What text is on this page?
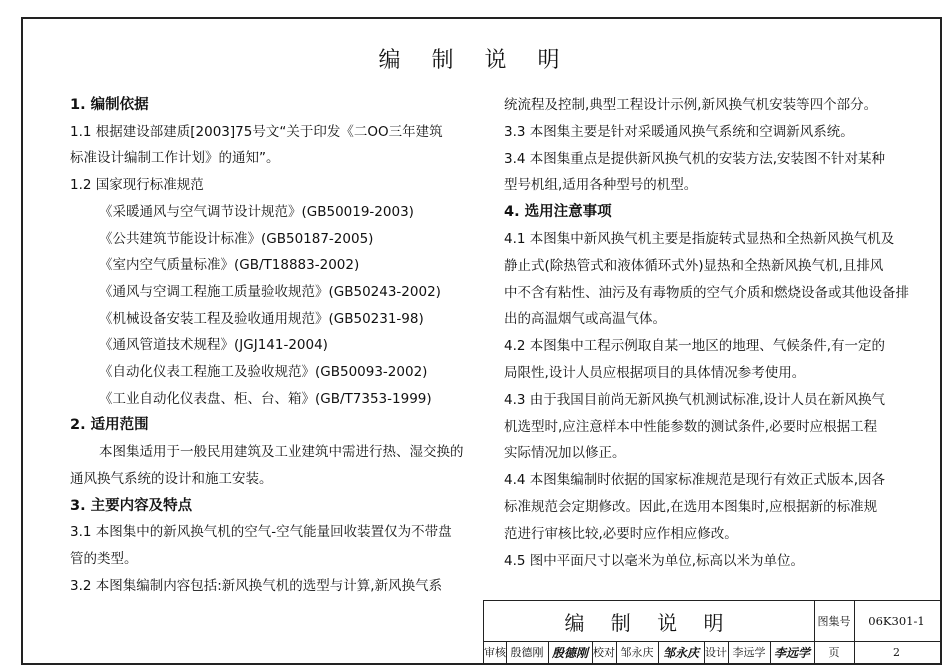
编 制 说 明
1. 编制依据
1.1 根据建设部建质[2003]75号文“关于印发《二OO三年建筑
标准设计编制工作计划》的通知”。
1.2 国家现行标准规范
《采暖通风与空气调节设计规范》(GB50019-2003)
《公共建筑节能设计标准》(GB50187-2005)
《室内空气质量标准》(GB/T18883-2002)
《通风与空调工程施工质量验收规范》(GB50243-2002)
《机械设备安装工程及验收通用规范》(GB50231-98)
《通风管道技术规程》(JGJ141-2004)
《自动化仪表工程施工及验收规范》(GB50093-2002)
《工业自动化仪表盘、柜、台、箱》(GB/T7353-1999)
2. 适用范围
本图集适用于一般民用建筑及工业建筑中需进行热、湿交换的
通风换气系统的设计和施工安装。
3. 主要内容及特点
3.1 本图集中的新风换气机的空气-空气能量回收装置仅为不带盘
管的类型。
3.2 本图集编制内容包括:新风换气机的选型与计算,新风换气系
统流程及控制,典型工程设计示例,新风换气机安装等四个部分。
3.3 本图集主要是针对采暖通风换气系统和空调新风系统。
3.4 本图集重点是提供新风换气机的安装方法,安装图不针对某种
型号机组,适用各种型号的机型。
4. 选用注意事项
4.1 本图集中新风换气机主要是指旋转式显热和全热新风换气机及
静止式(除热管式和液体循环式外)显热和全热新风换气机,且排风
中不含有粘性、油污及有毒物质的空气介质和燃烧设备或其他设备排
出的高温烟气或高温气体。
4.2 本图集中工程示例取自某一地区的地理、气候条件,有一定的
局限性,设计人员应根据项目的具体情况参考使用。
4.3 由于我国目前尚无新风换气机测试标准,设计人员在新风换气
机选型时,应注意样本中性能参数的测试条件,必要时应根据工程
实际情况加以修正。
4.4 本图集编制时依据的国家标准规范是现行有效正式版本,因各
标准规范会定期修改。因此,在选用本图集时,应根据新的标准规
范进行审核比较,必要时应作相应修改。
4.5 图中平面尺寸以毫米为单位,标高以米为单位。
编 制 说 明	图集号	06K301-1
审核 殷德刚 殷德刚 校对 邹永庆 邹永庆 设计 李远学 李远学	页	2
